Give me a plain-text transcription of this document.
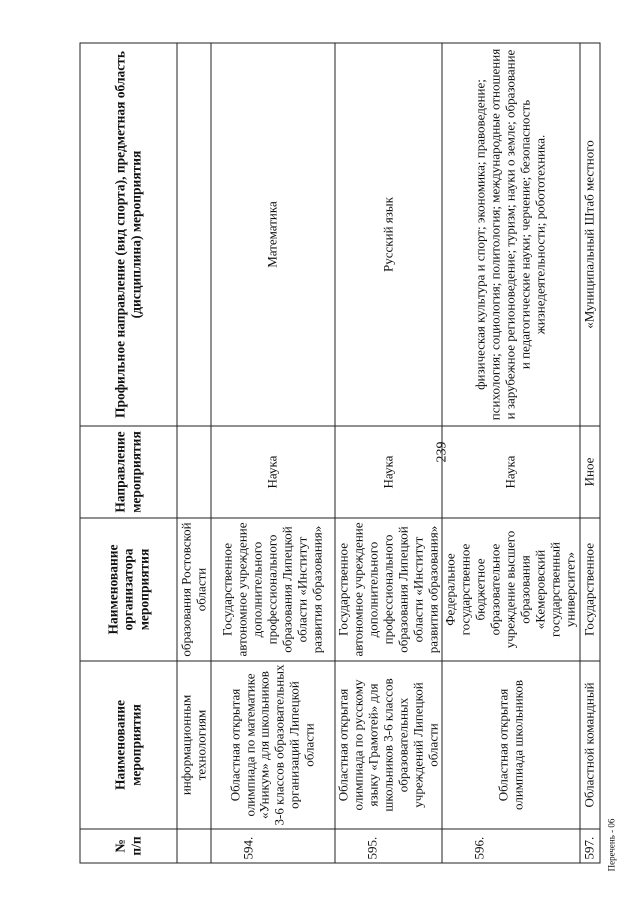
239
Перечень - 06
№ п/п	Наименование мероприятия	Наименование организатора мероприятия	Направление мероприятия	Профильное направление (вид спорта), предметная область (дисциплина) мероприятия
	информационным технологиям	образования Ростовской области		
594.	Областная открытая олимпиада по математике «Уникум» для школьников 3-6 классов образовательных организаций Липецкой области	Государственное автономное учреждение дополнительного профессионального образования Липецкой области «Институт развития образования»	Наука	Математика
595.	Областная открытая олимпиада по русскому языку «Грамотей» для школьников 3-6 классов образовательных учреждений Липецкой области	Государственное автономное учреждение дополнительного профессионального образования Липецкой области «Институт развития образования»	Наука	Русский язык
596.	Областная открытая олимпиада школьников	Федеральное государственное бюджетное образовательное учреждение высшего образования «Кемеровский государственный университет»	Наука	физическая культура и спорт; экономика; правоведение; психология; социология; политология; международные отношения и зарубежное регионоведение; туризм; науки о земле; образование и педагогические науки; черчение; безопасность жизнедеятельности; робототехника.
597.	Областной командный	Государственное	Иное	«Муниципальный Штаб местного
